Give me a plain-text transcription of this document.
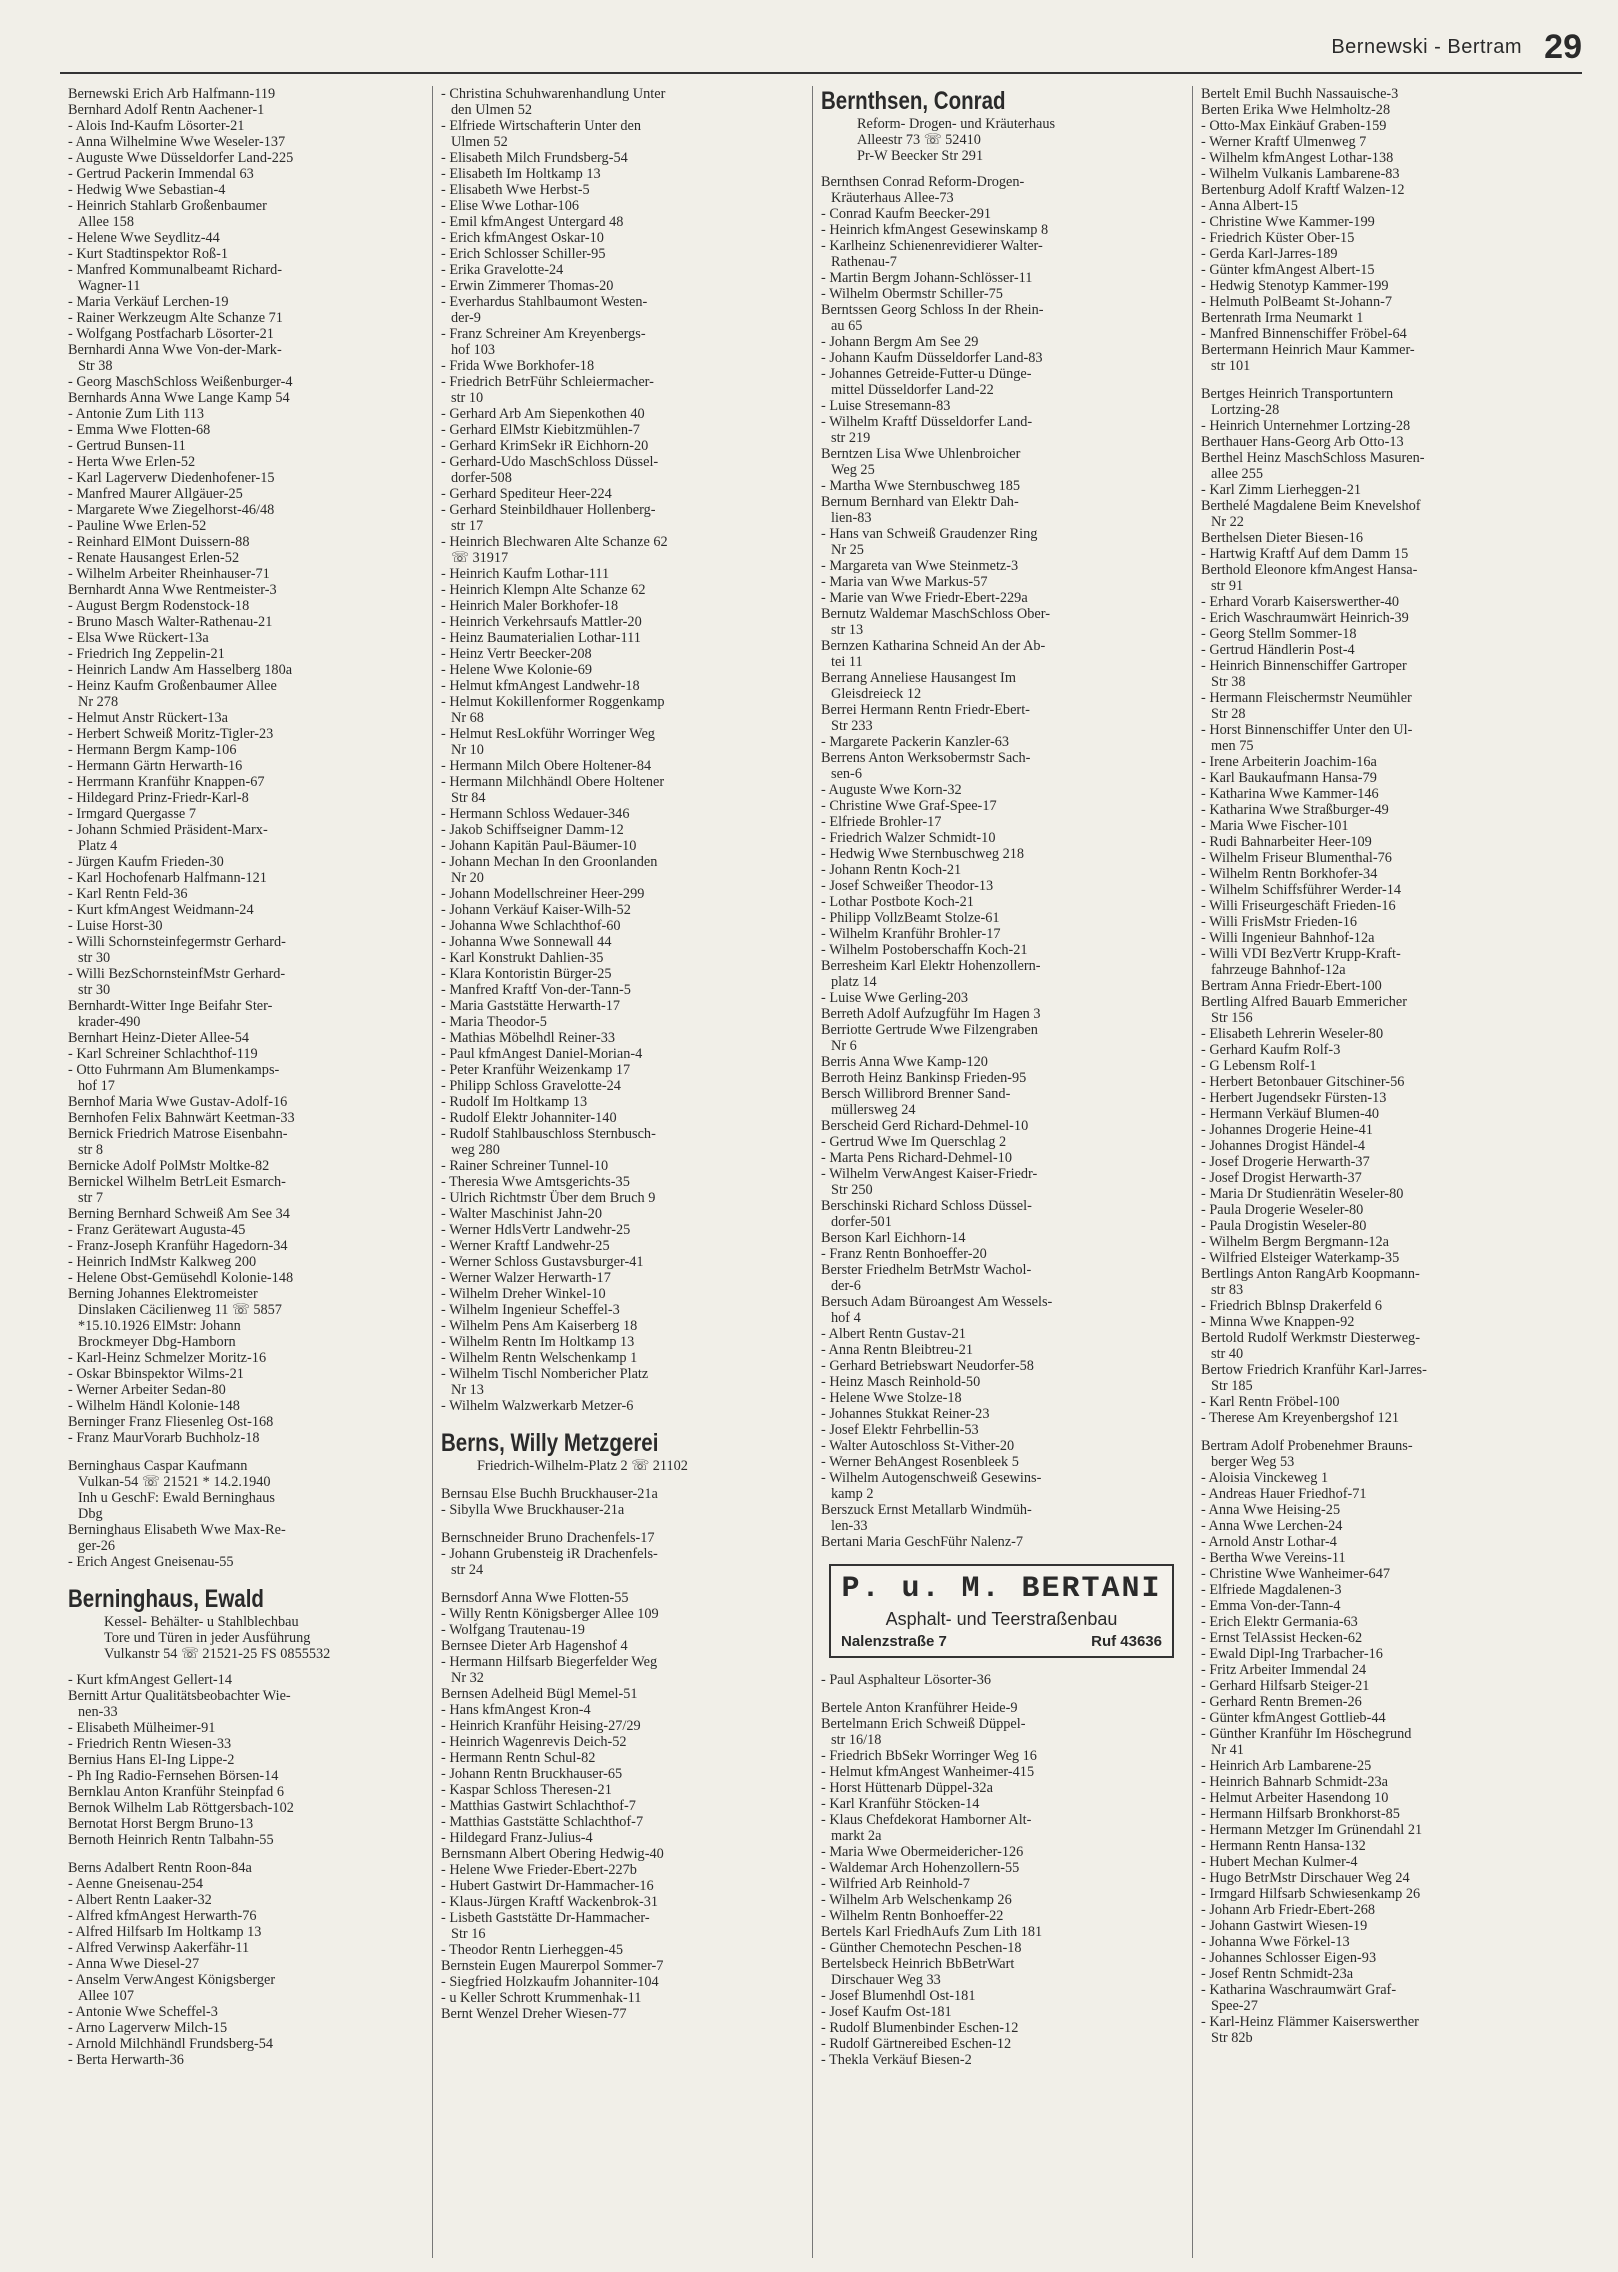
Bernewski - Bertram 29
Bernewski Erich Arb Halfmann-119
Bernhard Adolf Rentn Aachener-1
- Alois Ind-Kaufm Lösorter-21
- Anna Wilhelmine Wwe Weseler-137
- Auguste Wwe Düsseldorfer Land-225
- Gertrud Packerin Immendal 63
- Hedwig Wwe Sebastian-4
- Heinrich Stahlarb Großenbaumer
Allee 158
- Helene Wwe Seydlitz-44
- Kurt Stadtinspektor Roß-1
- Manfred Kommunalbeamt Richard-
Wagner-11
- Maria Verkäuf Lerchen-19
- Rainer Werkzeugm Alte Schanze 71
- Wolfgang Postfacharb Lösorter-21
Bernhardi Anna Wwe Von-der-Mark-
Str 38
- Georg MaschSchloss Weißenburger-4
Bernhards Anna Wwe Lange Kamp 54
- Antonie Zum Lith 113
- Emma Wwe Flotten-68
- Gertrud Bunsen-11
- Herta Wwe Erlen-52
- Karl Lagerverw Diedenhofener-15
- Manfred Maurer Allgäuer-25
- Margarete Wwe Ziegelhorst-46/48
- Pauline Wwe Erlen-52
- Reinhard ElMont Duissern-88
- Renate Hausangest Erlen-52
- Wilhelm Arbeiter Rheinhauser-71
Bernhardt Anna Wwe Rentmeister-3
- August Bergm Rodenstock-18
- Bruno Masch Walter-Rathenau-21
- Elsa Wwe Rückert-13a
- Friedrich Ing Zeppelin-21
- Heinrich Landw Am Hasselberg 180a
- Heinz Kaufm Großenbaumer Allee
Nr 278
- Helmut Anstr Rückert-13a
- Herbert Schweiß Moritz-Tigler-23
- Hermann Bergm Kamp-106
- Hermann Gärtn Herwarth-16
- Herrmann Kranführ Knappen-67
- Hildegard Prinz-Friedr-Karl-8
- Irmgard Quergasse 7
- Johann Schmied Präsident-Marx-
Platz 4
- Jürgen Kaufm Frieden-30
- Karl Hochofenarb Halfmann-121
- Karl Rentn Feld-36
- Kurt kfmAngest Weidmann-24
- Luise Horst-30
- Willi Schornsteinfegermstr Gerhard-
str 30
- Willi BezSchornsteinfMstr Gerhard-
str 30
Bernhardt-Witter Inge Beifahr Ster-
krader-490
Bernhart Heinz-Dieter Allee-54
- Karl Schreiner Schlachthof-119
- Otto Fuhrmann Am Blumenkamps-
hof 17
Bernhof Maria Wwe Gustav-Adolf-16
Bernhofen Felix Bahnwärt Keetman-33
Bernick Friedrich Matrose Eisenbahn-
str 8
Bernicke Adolf PolMstr Moltke-82
Bernickel Wilhelm BetrLeit Esmarch-
str 7
Berning Bernhard Schweiß Am See 34
- Franz Gerätewart Augusta-45
- Franz-Joseph Kranführ Hagedorn-34
- Heinrich IndMstr Kalkweg 200
- Helene Obst-Gemüsehdl Kolonie-148
Berning Johannes Elektromeister
Dinslaken Cäcilienweg 11 ☏ 5857
*15.10.1926 ElMstr: Johann
Brockmeyer Dbg-Hamborn
- Karl-Heinz Schmelzer Moritz-16
- Oskar Bbinspektor Wilms-21
- Werner Arbeiter Sedan-80
- Wilhelm Händl Kolonie-148
Berninger Franz Fliesenleg Ost-168
- Franz MaurVorarb Buchholz-18
Berninghaus Caspar Kaufmann
Vulkan-54 ☏ 21521 * 14.2.1940
Inh u GeschF: Ewald Berninghaus
Dbg
Berninghaus Elisabeth Wwe Max-Re-
ger-26
- Erich Angest Gneisenau-55
Berninghaus, Ewald
Kessel- Behälter- u Stahlblechbau
Tore und Türen in jeder Ausführung
Vulkanstr 54 ☏ 21521-25 FS 0855532
- Kurt kfmAngest Gellert-14
Bernitt Artur Qualitätsbeobachter Wie-
nen-33
- Elisabeth Mülheimer-91
- Friedrich Rentn Wiesen-33
Bernius Hans El-Ing Lippe-2
- Ph Ing Radio-Fernsehen Börsen-14
Bernklau Anton Kranführ Steinpfad 6
Bernok Wilhelm Lab Röttgersbach-102
Bernotat Horst Bergm Bruno-13
Bernoth Heinrich Rentn Talbahn-55
Berns Adalbert Rentn Roon-84a
- Aenne Gneisenau-254
- Albert Rentn Laaker-32
- Alfred kfmAngest Herwarth-76
- Alfred Hilfsarb Im Holtkamp 13
- Alfred Verwinsp Aakerfähr-11
- Anna Wwe Diesel-27
- Anselm VerwAngest Königsberger
Allee 107
- Antonie Wwe Scheffel-3
- Arno Lagerverw Milch-15
- Arnold Milchhändl Frundsberg-54
- Berta Herwarth-36
- Christina Schuhwarenhandlung Unter
den Ulmen 52
- Elfriede Wirtschafterin Unter den
Ulmen 52
- Elisabeth Milch Frundsberg-54
- Elisabeth Im Holtkamp 13
- Elisabeth Wwe Herbst-5
- Elise Wwe Lothar-106
- Emil kfmAngest Untergard 48
- Erich kfmAngest Oskar-10
- Erich Schlosser Schiller-95
- Erika Gravelotte-24
- Erwin Zimmerer Thomas-20
- Everhardus Stahlbaumont Westen-
der-9
- Franz Schreiner Am Kreyenbergs-
hof 103
- Frida Wwe Borkhofer-18
- Friedrich BetrFühr Schleiermacher-
str 10
- Gerhard Arb Am Siepenkothen 40
- Gerhard ElMstr Kiebitzmühlen-7
- Gerhard KrimSekr iR Eichhorn-20
- Gerhard-Udo MaschSchloss Düssel-
dorfer-508
- Gerhard Spediteur Heer-224
- Gerhard Steinbildhauer Hollenberg-
str 17
- Heinrich Blechwaren Alte Schanze 62
☏ 31917
- Heinrich Kaufm Lothar-111
- Heinrich Klempn Alte Schanze 62
- Heinrich Maler Borkhofer-18
- Heinrich Verkehrsaufs Mattler-20
- Heinz Baumaterialien Lothar-111
- Heinz Vertr Beecker-208
- Helene Wwe Kolonie-69
- Helmut kfmAngest Landwehr-18
- Helmut Kokillenformer Roggenkamp
Nr 68
- Helmut ResLokführ Worringer Weg
Nr 10
- Hermann Milch Obere Holtener-84
- Hermann Milchhändl Obere Holtener
Str 84
- Hermann Schloss Wedauer-346
- Jakob Schiffseigner Damm-12
- Johann Kapitän Paul-Bäumer-10
- Johann Mechan In den Groonlanden
Nr 20
- Johann Modellschreiner Heer-299
- Johann Verkäuf Kaiser-Wilh-52
- Johanna Wwe Schlachthof-60
- Johanna Wwe Sonnewall 44
- Karl Konstrukt Dahlien-35
- Klara Kontoristin Bürger-25
- Manfred Kraftf Von-der-Tann-5
- Maria Gaststätte Herwarth-17
- Maria Theodor-5
- Mathias Möbelhdl Reiner-33
- Paul kfmAngest Daniel-Morian-4
- Peter Kranführ Weizenkamp 17
- Philipp Schloss Gravelotte-24
- Rudolf Im Holtkamp 13
- Rudolf Elektr Johanniter-140
- Rudolf Stahlbauschloss Sternbusch-
weg 280
- Rainer Schreiner Tunnel-10
- Theresia Wwe Amtsgerichts-35
- Ulrich Richtmstr Über dem Bruch 9
- Walter Maschinist Jahn-20
- Werner HdlsVertr Landwehr-25
- Werner Kraftf Landwehr-25
- Werner Schloss Gustavsburger-41
- Werner Walzer Herwarth-17
- Wilhelm Dreher Winkel-10
- Wilhelm Ingenieur Scheffel-3
- Wilhelm Pens Am Kaiserberg 18
- Wilhelm Rentn Im Holtkamp 13
- Wilhelm Rentn Welschenkamp 1
- Wilhelm Tischl Nombericher Platz
Nr 13
- Wilhelm Walzwerkarb Metzer-6
Berns, Willy Metzgerei
Friedrich-Wilhelm-Platz 2 ☏ 21102
Bernsau Else Buchh Bruckhauser-21a
- Sibylla Wwe Bruckhauser-21a
Bernschneider Bruno Drachenfels-17
- Johann Grubensteig iR Drachenfels-
str 24
Bernsdorf Anna Wwe Flotten-55
- Willy Rentn Königsberger Allee 109
- Wolfgang Trautenau-19
Bernsee Dieter Arb Hagenshof 4
- Hermann Hilfsarb Biegerfelder Weg
Nr 32
Bernsen Adelheid Bügl Memel-51
- Hans kfmAngest Kron-4
- Heinrich Kranführ Heising-27/29
- Heinrich Wagenrevis Deich-52
- Hermann Rentn Schul-82
- Johann Rentn Bruckhauser-65
- Kaspar Schloss Theresen-21
- Matthias Gastwirt Schlachthof-7
- Matthias Gaststätte Schlachthof-7
- Hildegard Franz-Julius-4
Bernsmann Albert Obering Hedwig-40
- Helene Wwe Frieder-Ebert-227b
- Hubert Gastwirt Dr-Hammacher-16
- Klaus-Jürgen Kraftf Wackenbrok-31
- Lisbeth Gaststätte Dr-Hammacher-
Str 16
- Theodor Rentn Lierheggen-45
Bernstein Eugen Maurerpol Sommer-7
- Siegfried Holzkaufm Johanniter-104
- u Keller Schrott Krummenhak-11
Bernt Wenzel Dreher Wiesen-77
Bernthsen, Conrad
Reform- Drogen- und Kräuterhaus
Alleestr 73 ☏ 52410
Pr-W Beecker Str 291
Bernthsen Conrad Reform-Drogen-
Kräuterhaus Allee-73
- Conrad Kaufm Beecker-291
- Heinrich kfmAngest Gesewinskamp 8
- Karlheinz Schienenrevidierer Walter-
Rathenau-7
- Martin Bergm Johann-Schlösser-11
- Wilhelm Obermstr Schiller-75
Berntssen Georg Schloss In der Rhein-
au 65
- Johann Bergm Am See 29
- Johann Kaufm Düsseldorfer Land-83
- Johannes Getreide-Futter-u Dünge-
mittel Düsseldorfer Land-22
- Luise Stresemann-83
- Wilhelm Kraftf Düsseldorfer Land-
str 219
Berntzen Lisa Wwe Uhlenbroicher
Weg 25
- Martha Wwe Sternbuschweg 185
Bernum Bernhard van Elektr Dah-
lien-83
- Hans van Schweiß Graudenzer Ring
Nr 25
- Margareta van Wwe Steinmetz-3
- Maria van Wwe Markus-57
- Marie van Wwe Friedr-Ebert-229a
Bernutz Waldemar MaschSchloss Ober-
str 13
Bernzen Katharina Schneid An der Ab-
tei 11
Berrang Anneliese Hausangest Im
Gleisdreieck 12
Berrei Hermann Rentn Friedr-Ebert-
Str 233
- Margarete Packerin Kanzler-63
Berrens Anton Werksobermstr Sach-
sen-6
- Auguste Wwe Korn-32
- Christine Wwe Graf-Spee-17
- Elfriede Brohler-17
- Friedrich Walzer Schmidt-10
- Hedwig Wwe Sternbuschweg 218
- Johann Rentn Koch-21
- Josef Schweißer Theodor-13
- Lothar Postbote Koch-21
- Philipp VollzBeamt Stolze-61
- Wilhelm Kranführ Brohler-17
- Wilhelm Postoberschaffn Koch-21
Berresheim Karl Elektr Hohenzollern-
platz 14
- Luise Wwe Gerling-203
Berreth Adolf Aufzugführ Im Hagen 3
Berriotte Gertrude Wwe Filzengraben
Nr 6
Berris Anna Wwe Kamp-120
Berroth Heinz Bankinsp Frieden-95
Bersch Willibrord Brenner Sand-
müllersweg 24
Berscheid Gerd Richard-Dehmel-10
- Gertrud Wwe Im Querschlag 2
- Marta Pens Richard-Dehmel-10
- Wilhelm VerwAngest Kaiser-Friedr-
Str 250
Berschinski Richard Schloss Düssel-
dorfer-501
Berson Karl Eichhorn-14
- Franz Rentn Bonhoeffer-20
Berster Friedhelm BetrMstr Wachol-
der-6
Bersuch Adam Büroangest Am Wessels-
hof 4
- Albert Rentn Gustav-21
- Anna Rentn Bleibtreu-21
- Gerhard Betriebswart Neudorfer-58
- Heinz Masch Reinhold-50
- Helene Wwe Stolze-18
- Johannes Stukkat Reiner-23
- Josef Elektr Fehrbellin-53
- Walter Autoschloss St-Vither-20
- Werner BehAngest Rosenbleek 5
- Wilhelm Autogenschweiß Gesewins-
kamp 2
Berszuck Ernst Metallarb Windmüh-
len-33
Bertani Maria GeschFühr Nalenz-7
P. u. M. BERTANI
Asphalt- und Teerstraßenbau
Nalenzstraße 7	Ruf 43636
- Paul Asphalteur Lösorter-36
Bertele Anton Kranführer Heide-9
Bertelmann Erich Schweiß Düppel-
str 16/18
- Friedrich BbSekr Worringer Weg 16
- Helmut kfmAngest Wanheimer-415
- Horst Hüttenarb Düppel-32a
- Karl Kranführ Stöcken-14
- Klaus Chefdekorat Hamborner Alt-
markt 2a
- Maria Wwe Obermeidericher-126
- Waldemar Arch Hohenzollern-55
- Wilfried Arb Reinhold-7
- Wilhelm Arb Welschenkamp 26
- Wilhelm Rentn Bonhoeffer-22
Bertels Karl FriedhAufs Zum Lith 181
- Günther Chemotechn Peschen-18
Bertelsbeck Heinrich BbBetrWart
Dirschauer Weg 33
- Josef Blumenhdl Ost-181
- Josef Kaufm Ost-181
- Rudolf Blumenbinder Eschen-12
- Rudolf Gärtnereibed Eschen-12
- Thekla Verkäuf Biesen-2
Bertelt Emil Buchh Nassauische-3
Berten Erika Wwe Helmholtz-28
- Otto-Max Einkäuf Graben-159
- Werner Kraftf Ulmenweg 7
- Wilhelm kfmAngest Lothar-138
- Wilhelm Vulkanis Lambarene-83
Bertenburg Adolf Kraftf Walzen-12
- Anna Albert-15
- Christine Wwe Kammer-199
- Friedrich Küster Ober-15
- Gerda Karl-Jarres-189
- Günter kfmAngest Albert-15
- Hedwig Stenotyp Kammer-199
- Helmuth PolBeamt St-Johann-7
Bertenrath Irma Neumarkt 1
- Manfred Binnenschiffer Fröbel-64
Bertermann Heinrich Maur Kammer-
str 101
Bertges Heinrich Transportuntern
Lortzing-28
- Heinrich Unternehmer Lortzing-28
Berthauer Hans-Georg Arb Otto-13
Berthel Heinz MaschSchloss Masuren-
allee 255
- Karl Zimm Lierheggen-21
Berthelé Magdalene Beim Knevelshof
Nr 22
Berthelsen Dieter Biesen-16
- Hartwig Kraftf Auf dem Damm 15
Berthold Eleonore kfmAngest Hansa-
str 91
- Erhard Vorarb Kaiserswerther-40
- Erich Waschraumwärt Heinrich-39
- Georg Stellm Sommer-18
- Gertrud Händlerin Post-4
- Heinrich Binnenschiffer Gartroper
Str 38
- Hermann Fleischermstr Neumühler
Str 28
- Horst Binnenschiffer Unter den Ul-
men 75
- Irene Arbeiterin Joachim-16a
- Karl Baukaufmann Hansa-79
- Katharina Wwe Kammer-146
- Katharina Wwe Straßburger-49
- Maria Wwe Fischer-101
- Rudi Bahnarbeiter Heer-109
- Wilhelm Friseur Blumenthal-76
- Wilhelm Rentn Borkhofer-34
- Wilhelm Schiffsführer Werder-14
- Willi Friseurgeschäft Frieden-16
- Willi FrisMstr Frieden-16
- Willi Ingenieur Bahnhof-12a
- Willi VDI BezVertr Krupp-Kraft-
fahrzeuge Bahnhof-12a
Bertram Anna Friedr-Ebert-100
Bertling Alfred Bauarb Emmericher
Str 156
- Elisabeth Lehrerin Weseler-80
- Gerhard Kaufm Rolf-3
- G Lebensm Rolf-1
- Herbert Betonbauer Gitschiner-56
- Herbert Jugendsekr Fürsten-13
- Hermann Verkäuf Blumen-40
- Johannes Drogerie Heine-41
- Johannes Drogist Händel-4
- Josef Drogerie Herwarth-37
- Josef Drogist Herwarth-37
- Maria Dr Studienrätin Weseler-80
- Paula Drogerie Weseler-80
- Paula Drogistin Weseler-80
- Wilhelm Bergm Bergmann-12a
- Wilfried Elsteiger Waterkamp-35
Bertlings Anton RangArb Koopmann-
str 83
- Friedrich Bblnsp Drakerfeld 6
- Minna Wwe Knappen-92
Bertold Rudolf Werkmstr Diesterweg-
str 40
Bertow Friedrich Kranführ Karl-Jarres-
Str 185
- Karl Rentn Fröbel-100
- Therese Am Kreyenbergshof 121
Bertram Adolf Probenehmer Brauns-
berger Weg 53
- Aloisia Vinckeweg 1
- Andreas Hauer Friedhof-71
- Anna Wwe Heising-25
- Anna Wwe Lerchen-24
- Arnold Anstr Lothar-4
- Bertha Wwe Vereins-11
- Christine Wwe Wanheimer-647
- Elfriede Magdalenen-3
- Emma Von-der-Tann-4
- Erich Elektr Germania-63
- Ernst TelAssist Hecken-62
- Ewald Dipl-Ing Trarbacher-16
- Fritz Arbeiter Immendal 24
- Gerhard Hilfsarb Steiger-21
- Gerhard Rentn Bremen-26
- Günter kfmAngest Gottlieb-44
- Günther Kranführ Im Höschegrund
Nr 41
- Heinrich Arb Lambarene-25
- Heinrich Bahnarb Schmidt-23a
- Helmut Arbeiter Hasendong 10
- Hermann Hilfsarb Bronkhorst-85
- Hermann Metzger Im Grünendahl 21
- Hermann Rentn Hansa-132
- Hubert Mechan Kulmer-4
- Hugo BetrMstr Dirschauer Weg 24
- Irmgard Hilfsarb Schwiesenkamp 26
- Johann Arb Friedr-Ebert-268
- Johann Gastwirt Wiesen-19
- Johanna Wwe Förkel-13
- Johannes Schlosser Eigen-93
- Josef Rentn Schmidt-23a
- Katharina Waschraumwärt Graf-
Spee-27
- Karl-Heinz Flämmer Kaiserswerther
Str 82b
